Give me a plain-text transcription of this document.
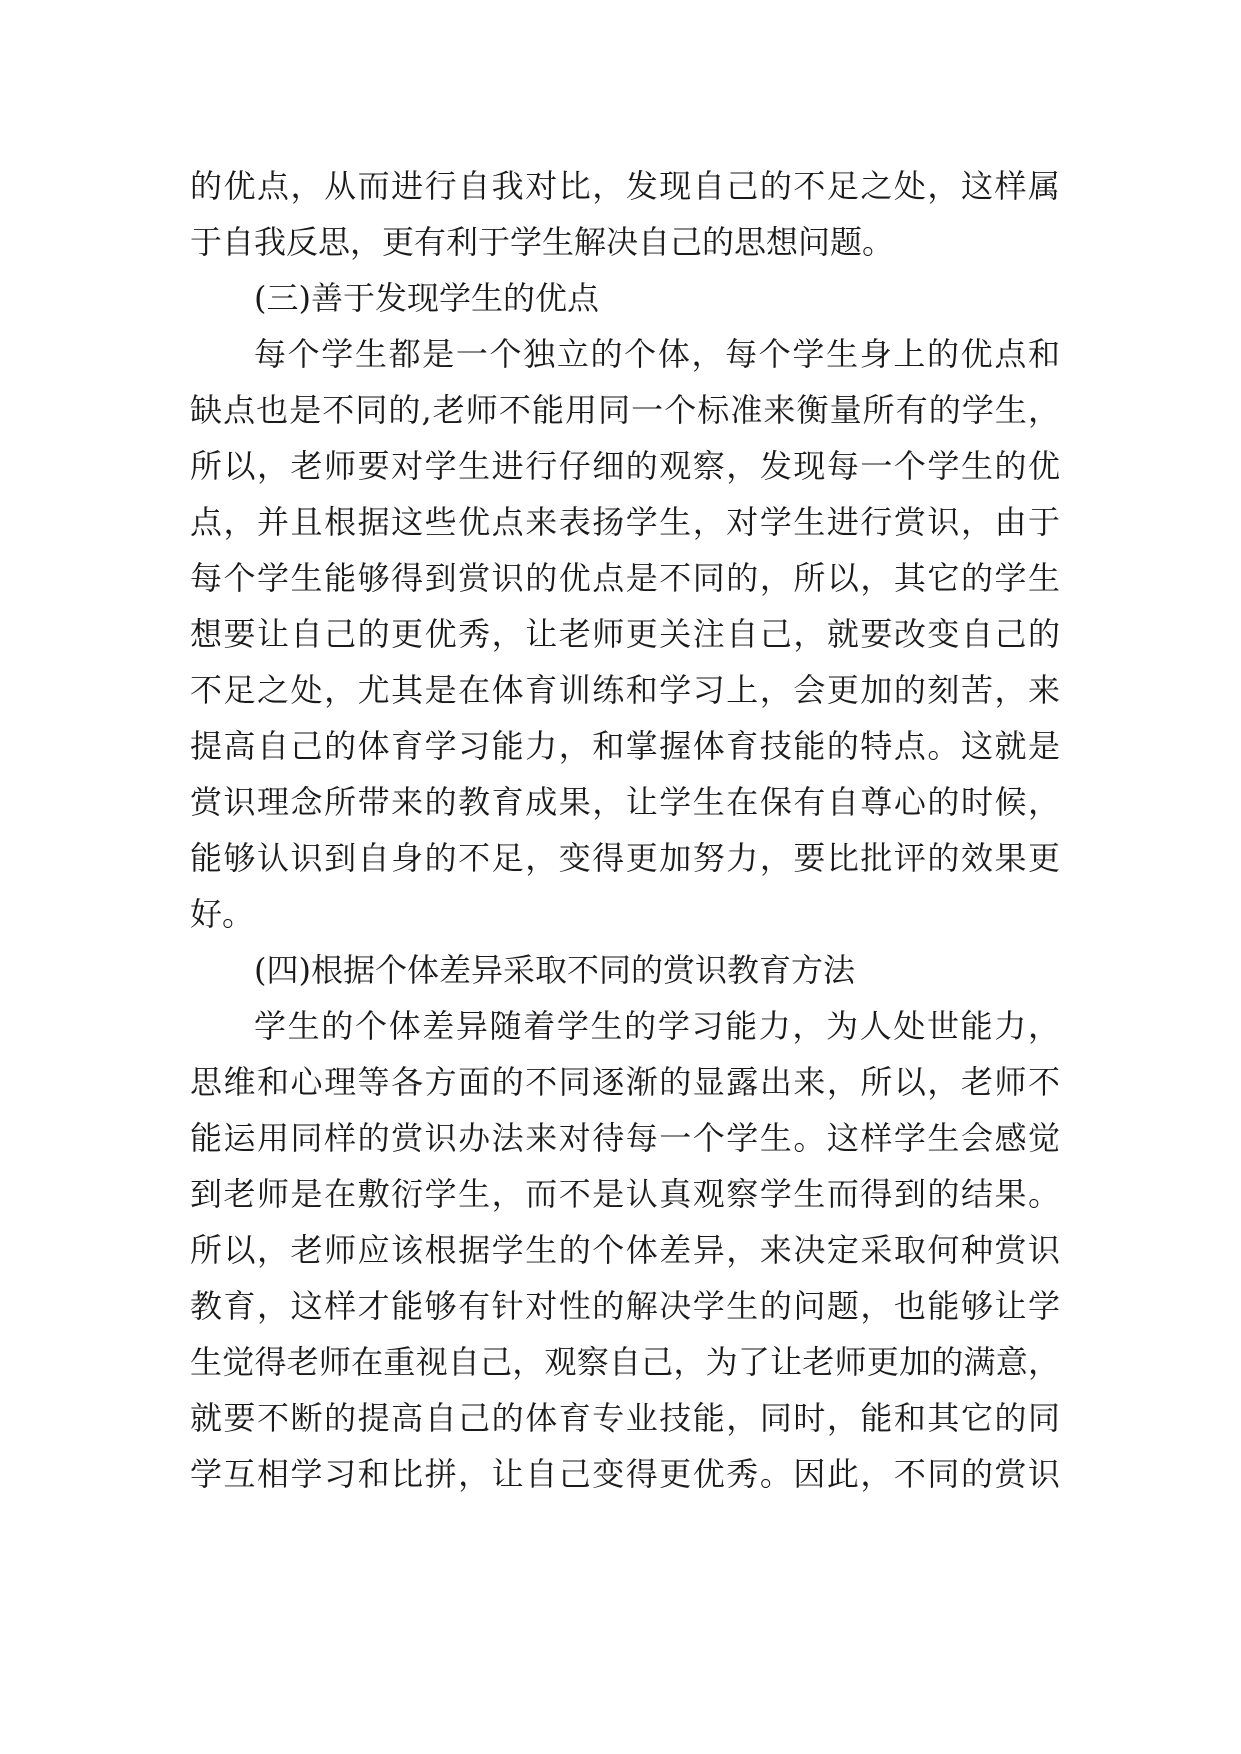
的优点，从而进行自我对比，发现自己的不足之处，这样属

于自我反思，更有利于学生解决自己的思想问题。

(三)善于发现学生的优点

每个学生都是一个独立的个体，每个学生身上的优点和

缺点也是不同的,老师不能用同一个标准来衡量所有的学生，

所以，老师要对学生进行仔细的观察，发现每一个学生的优

点，并且根据这些优点来表扬学生，对学生进行赏识，由于

每个学生能够得到赏识的优点是不同的，所以，其它的学生

想要让自己的更优秀，让老师更关注自己，就要改变自己的

不足之处，尤其是在体育训练和学习上，会更加的刻苦，来

提高自己的体育学习能力，和掌握体育技能的特点。这就是

赏识理念所带来的教育成果，让学生在保有自尊心的时候，

能够认识到自身的不足，变得更加努力，要比批评的效果更

好。

(四)根据个体差异采取不同的赏识教育方法

学生的个体差异随着学生的学习能力，为人处世能力，

思维和心理等各方面的不同逐渐的显露出来，所以，老师不

能运用同样的赏识办法来对待每一个学生。这样学生会感觉

到老师是在敷衍学生，而不是认真观察学生而得到的结果。

所以，老师应该根据学生的个体差异，来决定采取何种赏识

教育，这样才能够有针对性的解决学生的问题，也能够让学

生觉得老师在重视自己，观察自己，为了让老师更加的满意，

就要不断的提高自己的体育专业技能，同时，能和其它的同

学互相学习和比拼，让自己变得更优秀。因此，不同的赏识
